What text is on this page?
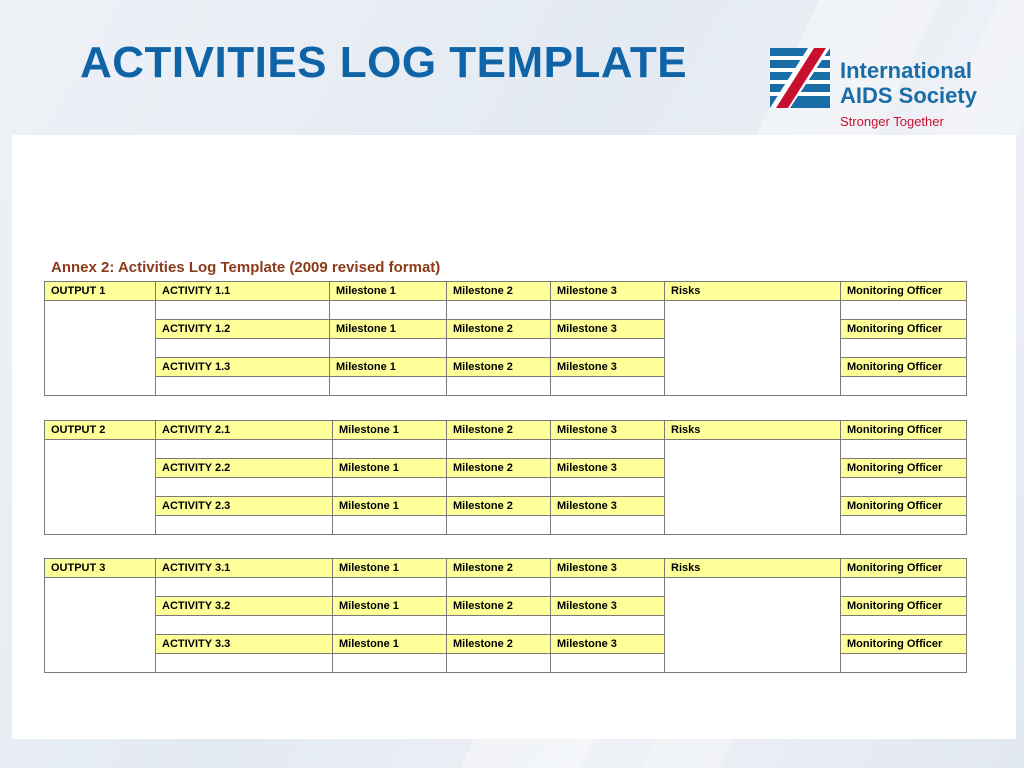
ACTIVITIES LOG TEMPLATE	International
AIDS Society
Stronger Together
Annex 2: Activities Log Template (2009 revised format)
OUTPUT 1	ACTIVITY 1.1	Milestone 1	Milestone 2	Milestone 3	Risks	Monitoring Officer

	ACTIVITY 1.2	Milestone 1	Milestone 2	Milestone 3		Monitoring Officer

	ACTIVITY 1.3	Milestone 1	Milestone 2	Milestone 3		Monitoring Officer

OUTPUT 2	ACTIVITY 2.1	Milestone 1	Milestone 2	Milestone 3	Risks	Monitoring Officer

	ACTIVITY 2.2	Milestone 1	Milestone 2	Milestone 3		Monitoring Officer

	ACTIVITY 2.3	Milestone 1	Milestone 2	Milestone 3		Monitoring Officer

OUTPUT 3	ACTIVITY 3.1	Milestone 1	Milestone 2	Milestone 3	Risks	Monitoring Officer

	ACTIVITY 3.2	Milestone 1	Milestone 2	Milestone 3		Monitoring Officer

	ACTIVITY 3.3	Milestone 1	Milestone 2	Milestone 3		Monitoring Officer
